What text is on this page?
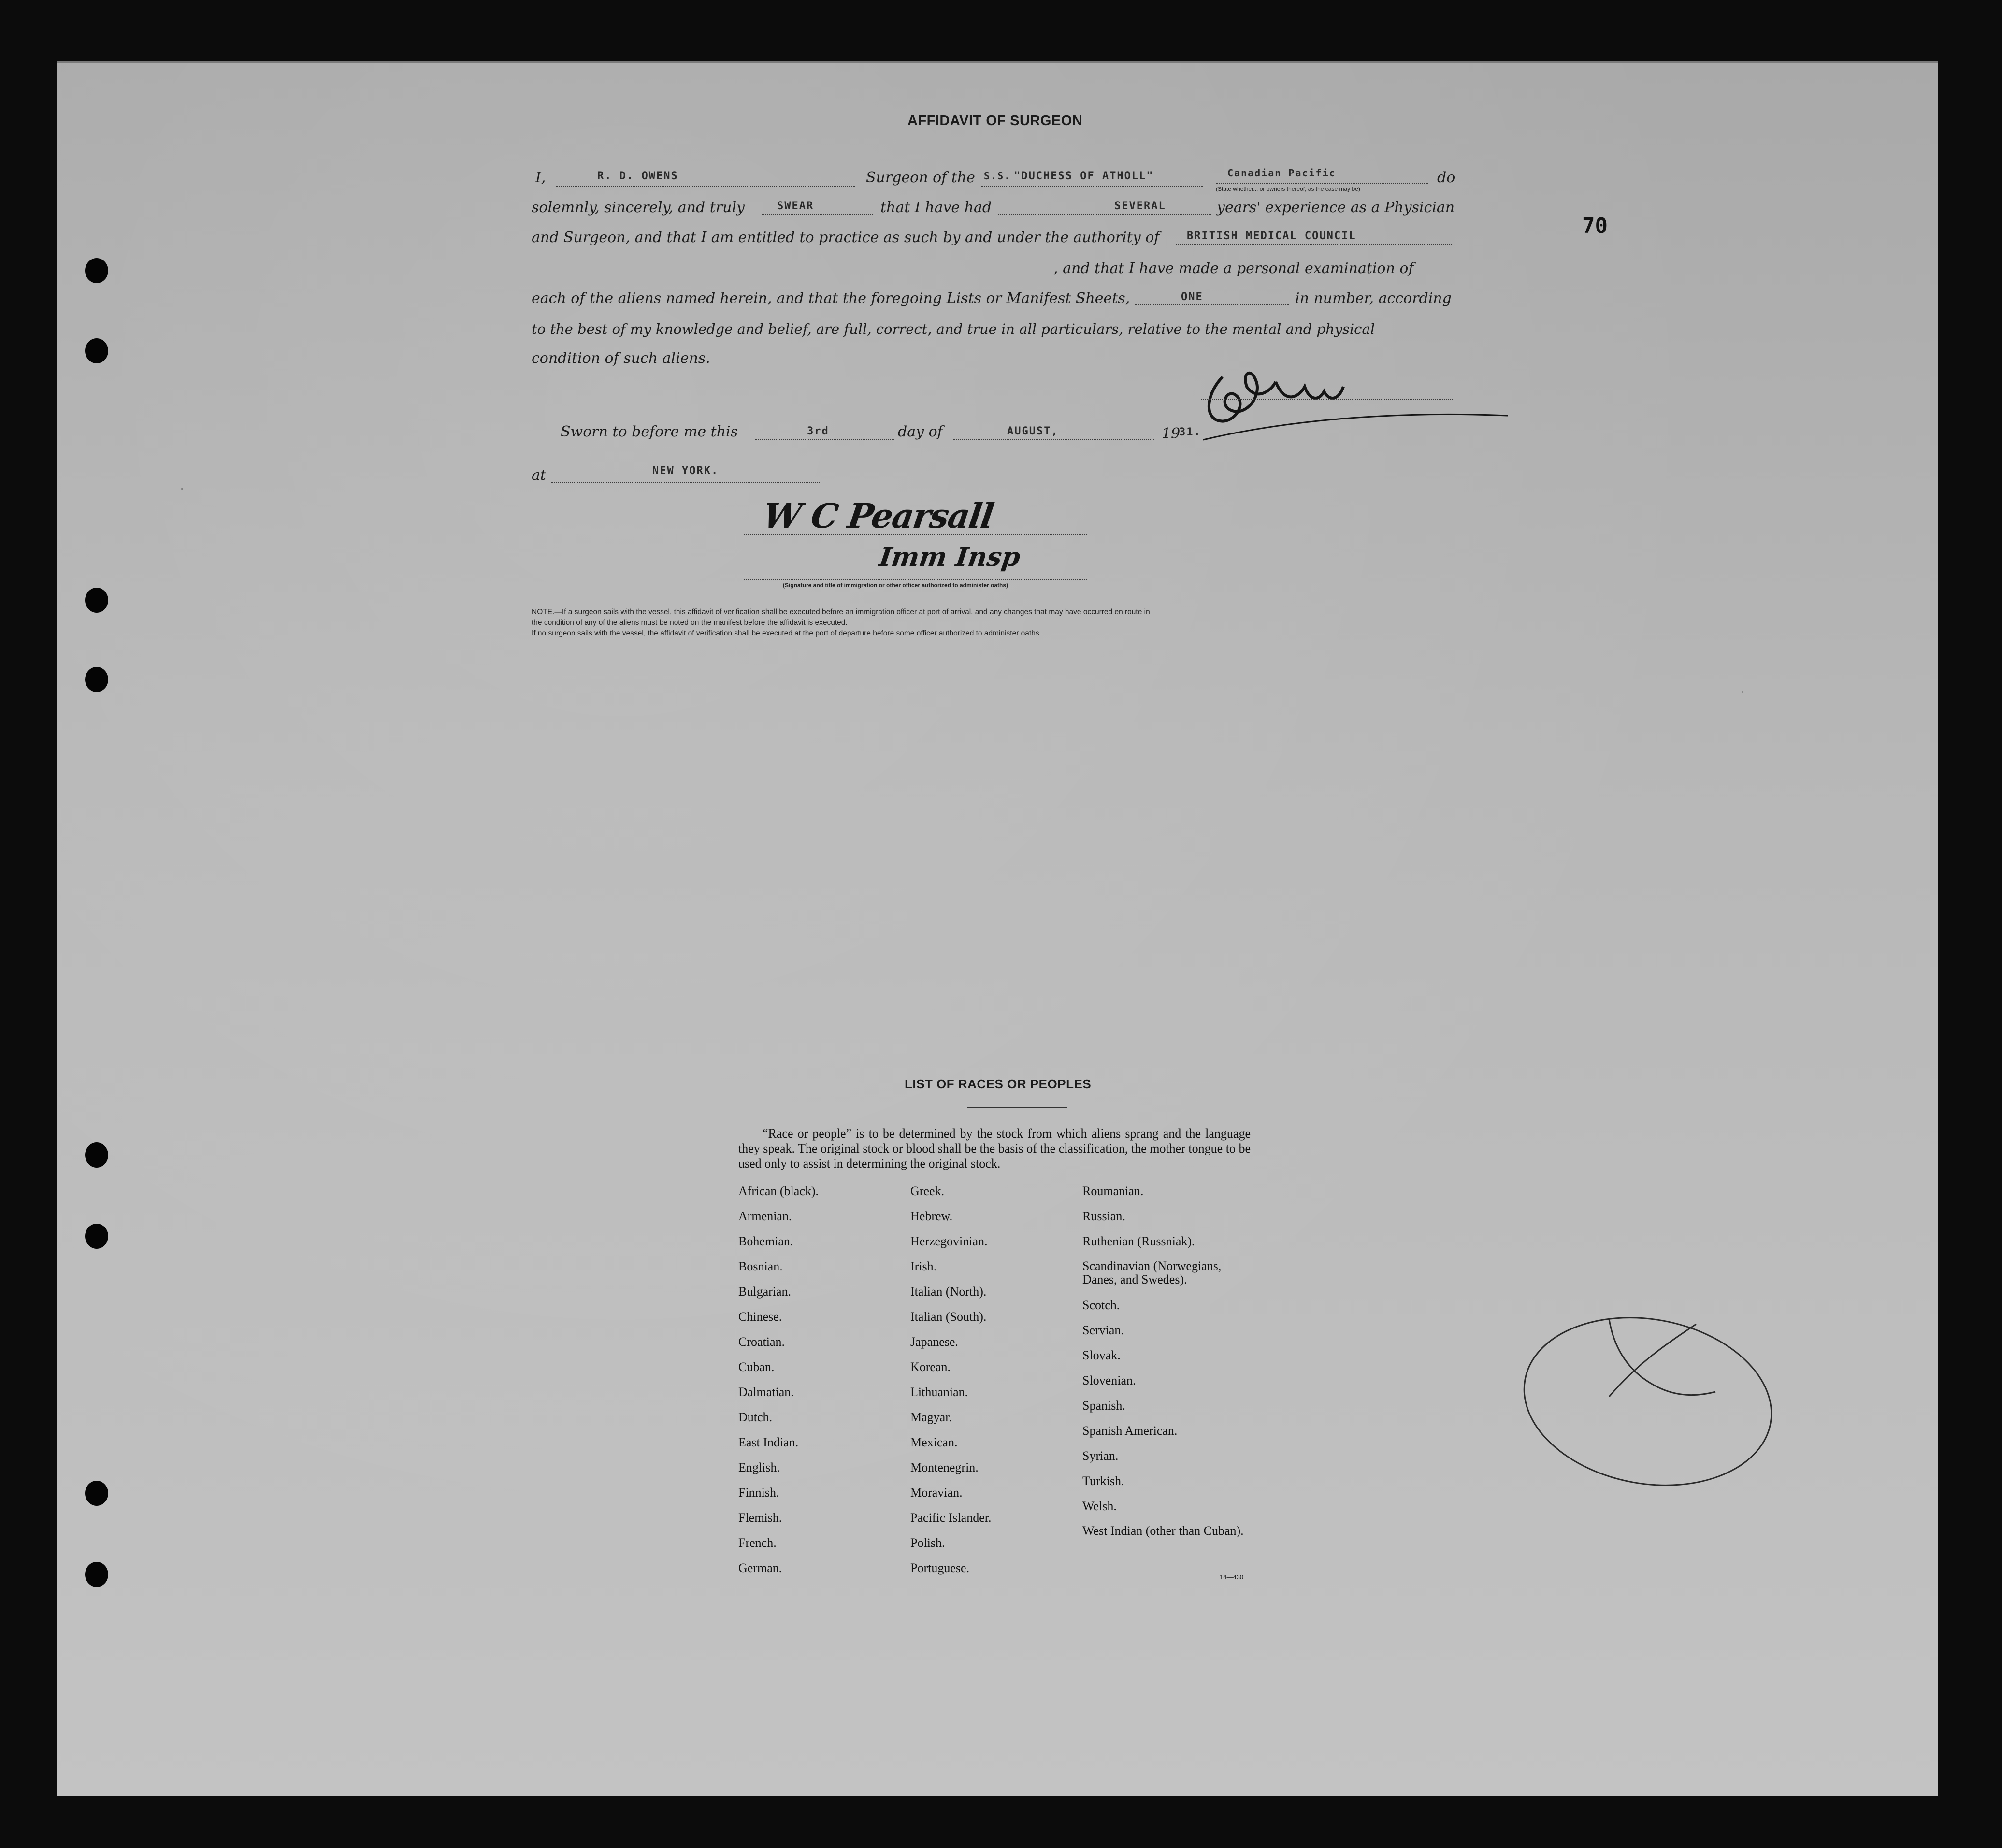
·
·
AFFIDAVIT OF SURGEON
70
I,	R. D. OWENS	Surgeon of the S.S. "DUCHESS OF ATHOLL"	Canadian Pacific
(State whether... or owners thereof, as the case may be)
do
solemnly, sincerely, and truly	SWEAR	that I have had	SEVERAL	years' experience as a Physician
and Surgeon, and that I am entitled to practice as such by and under the authority of	BRITISH MEDICAL COUNCIL
, and that I have made a personal examination of
each of the aliens named herein, and that the foregoing Lists or Manifest Sheets,	ONE	in number, according
to the best of my knowledge and belief, are full, correct, and true in all particulars, relative to the mental and physical
condition of such aliens.
Sworn to before me this	3rd	day of	AUGUST,	19
31.
at	NEW YORK.
W C Pearsall
Imm Insp
(Signature and title of immigration or other officer authorized to administer oaths)
NOTE.—If a surgeon sails with the vessel, this affidavit of verification shall be executed before an immigration officer at port of arrival, and any changes that may have occurred en route in
the condition of any of the aliens must be noted on the manifest before the affidavit is executed.
If no surgeon sails with the vessel, the affidavit of verification shall be executed at the port of departure before some officer authorized to administer oaths.
LIST OF RACES OR PEOPLES
“Race or people” is to be determined by the stock from which aliens sprang and the language they speak. The original stock or blood shall be the basis of the classification, the mother tongue to be used only to assist in determining the original stock.
African (black).
Armenian.
Bohemian.
Bosnian.
Bulgarian.
Chinese.
Croatian.
Cuban.
Dalmatian.
Dutch.
East Indian.
English.
Finnish.
Flemish.
French.
German.
Greek.
Hebrew.
Herzegovinian.
Irish.
Italian (North).
Italian (South).
Japanese.
Korean.
Lithuanian.
Magyar.
Mexican.
Montenegrin.
Moravian.
Pacific Islander.
Polish.
Portuguese.
Roumanian.
Russian.
Ruthenian (Russniak).
Scandinavian (Norwegians, Danes, and Swedes).
Scotch.
Servian.
Slovak.
Slovenian.
Spanish.
Spanish American.
Syrian.
Turkish.
Welsh.
West Indian (other than Cuban).
14—430
